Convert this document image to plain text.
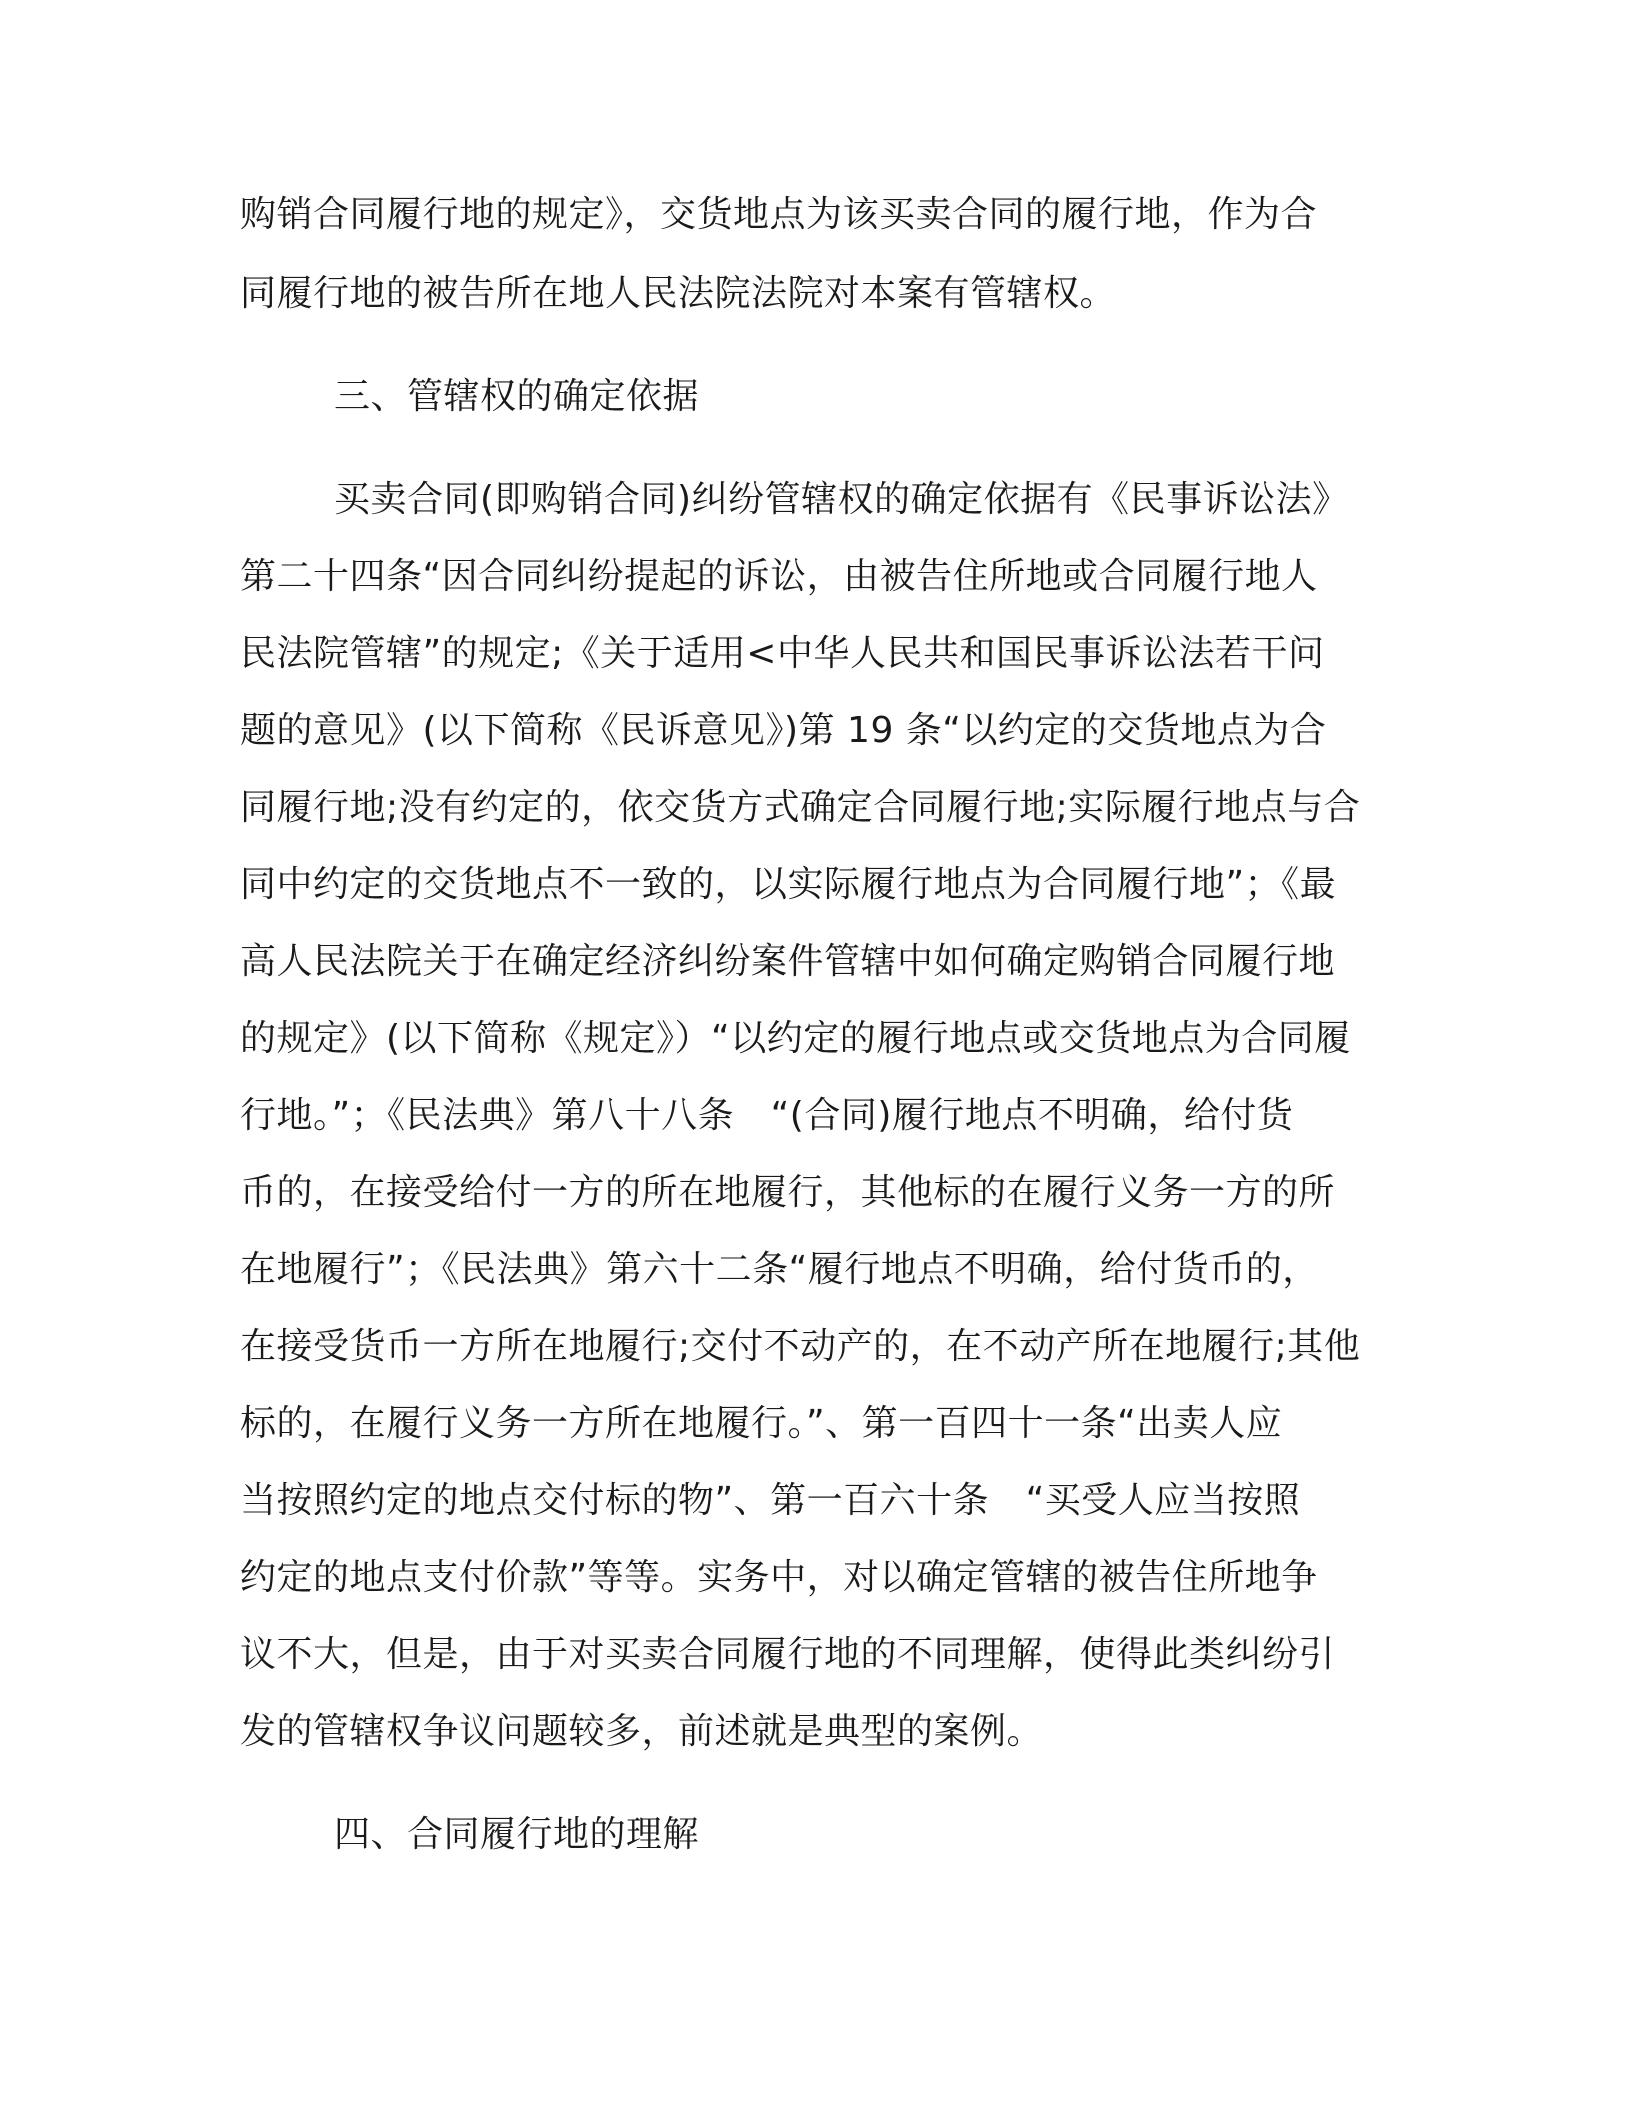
购销合同履行地的规定》，交货地点为该买卖合同的履行地，作为合
同履行地的被告所在地人民法院法院对本案有管辖权。
三、管辖权的确定依据
买卖合同(即购销合同)纠纷管辖权的确定依据有《民事诉讼法》
第二十四条“因合同纠纷提起的诉讼，由被告住所地或合同履行地人
民法院管辖”的规定;《关于适用<中华人民共和国民事诉讼法若干问
题的意见》(以下简称《民诉意见》)第 19 条“以约定的交货地点为合
同履行地;没有约定的，依交货方式确定合同履行地;实际履行地点与合
同中约定的交货地点不一致的，以实际履行地点为合同履行地”；《最
高人民法院关于在确定经济纠纷案件管辖中如何确定购销合同履行地
的规定》(以下简称《规定》）“以约定的履行地点或交货地点为合同履
行地。”；《民法典》第八十八条　“(合同)履行地点不明确，给付货
币的，在接受给付一方的所在地履行，其他标的在履行义务一方的所
在地履行”；《民法典》第六十二条“履行地点不明确，给付货币的，
在接受货币一方所在地履行;交付不动产的，在不动产所在地履行;其他
标的，在履行义务一方所在地履行。”、第一百四十一条“出卖人应
当按照约定的地点交付标的物”、第一百六十条　“买受人应当按照
约定的地点支付价款”等等。实务中，对以确定管辖的被告住所地争
议不大，但是，由于对买卖合同履行地的不同理解，使得此类纠纷引
发的管辖权争议问题较多，前述就是典型的案例。
四、合同履行地的理解
